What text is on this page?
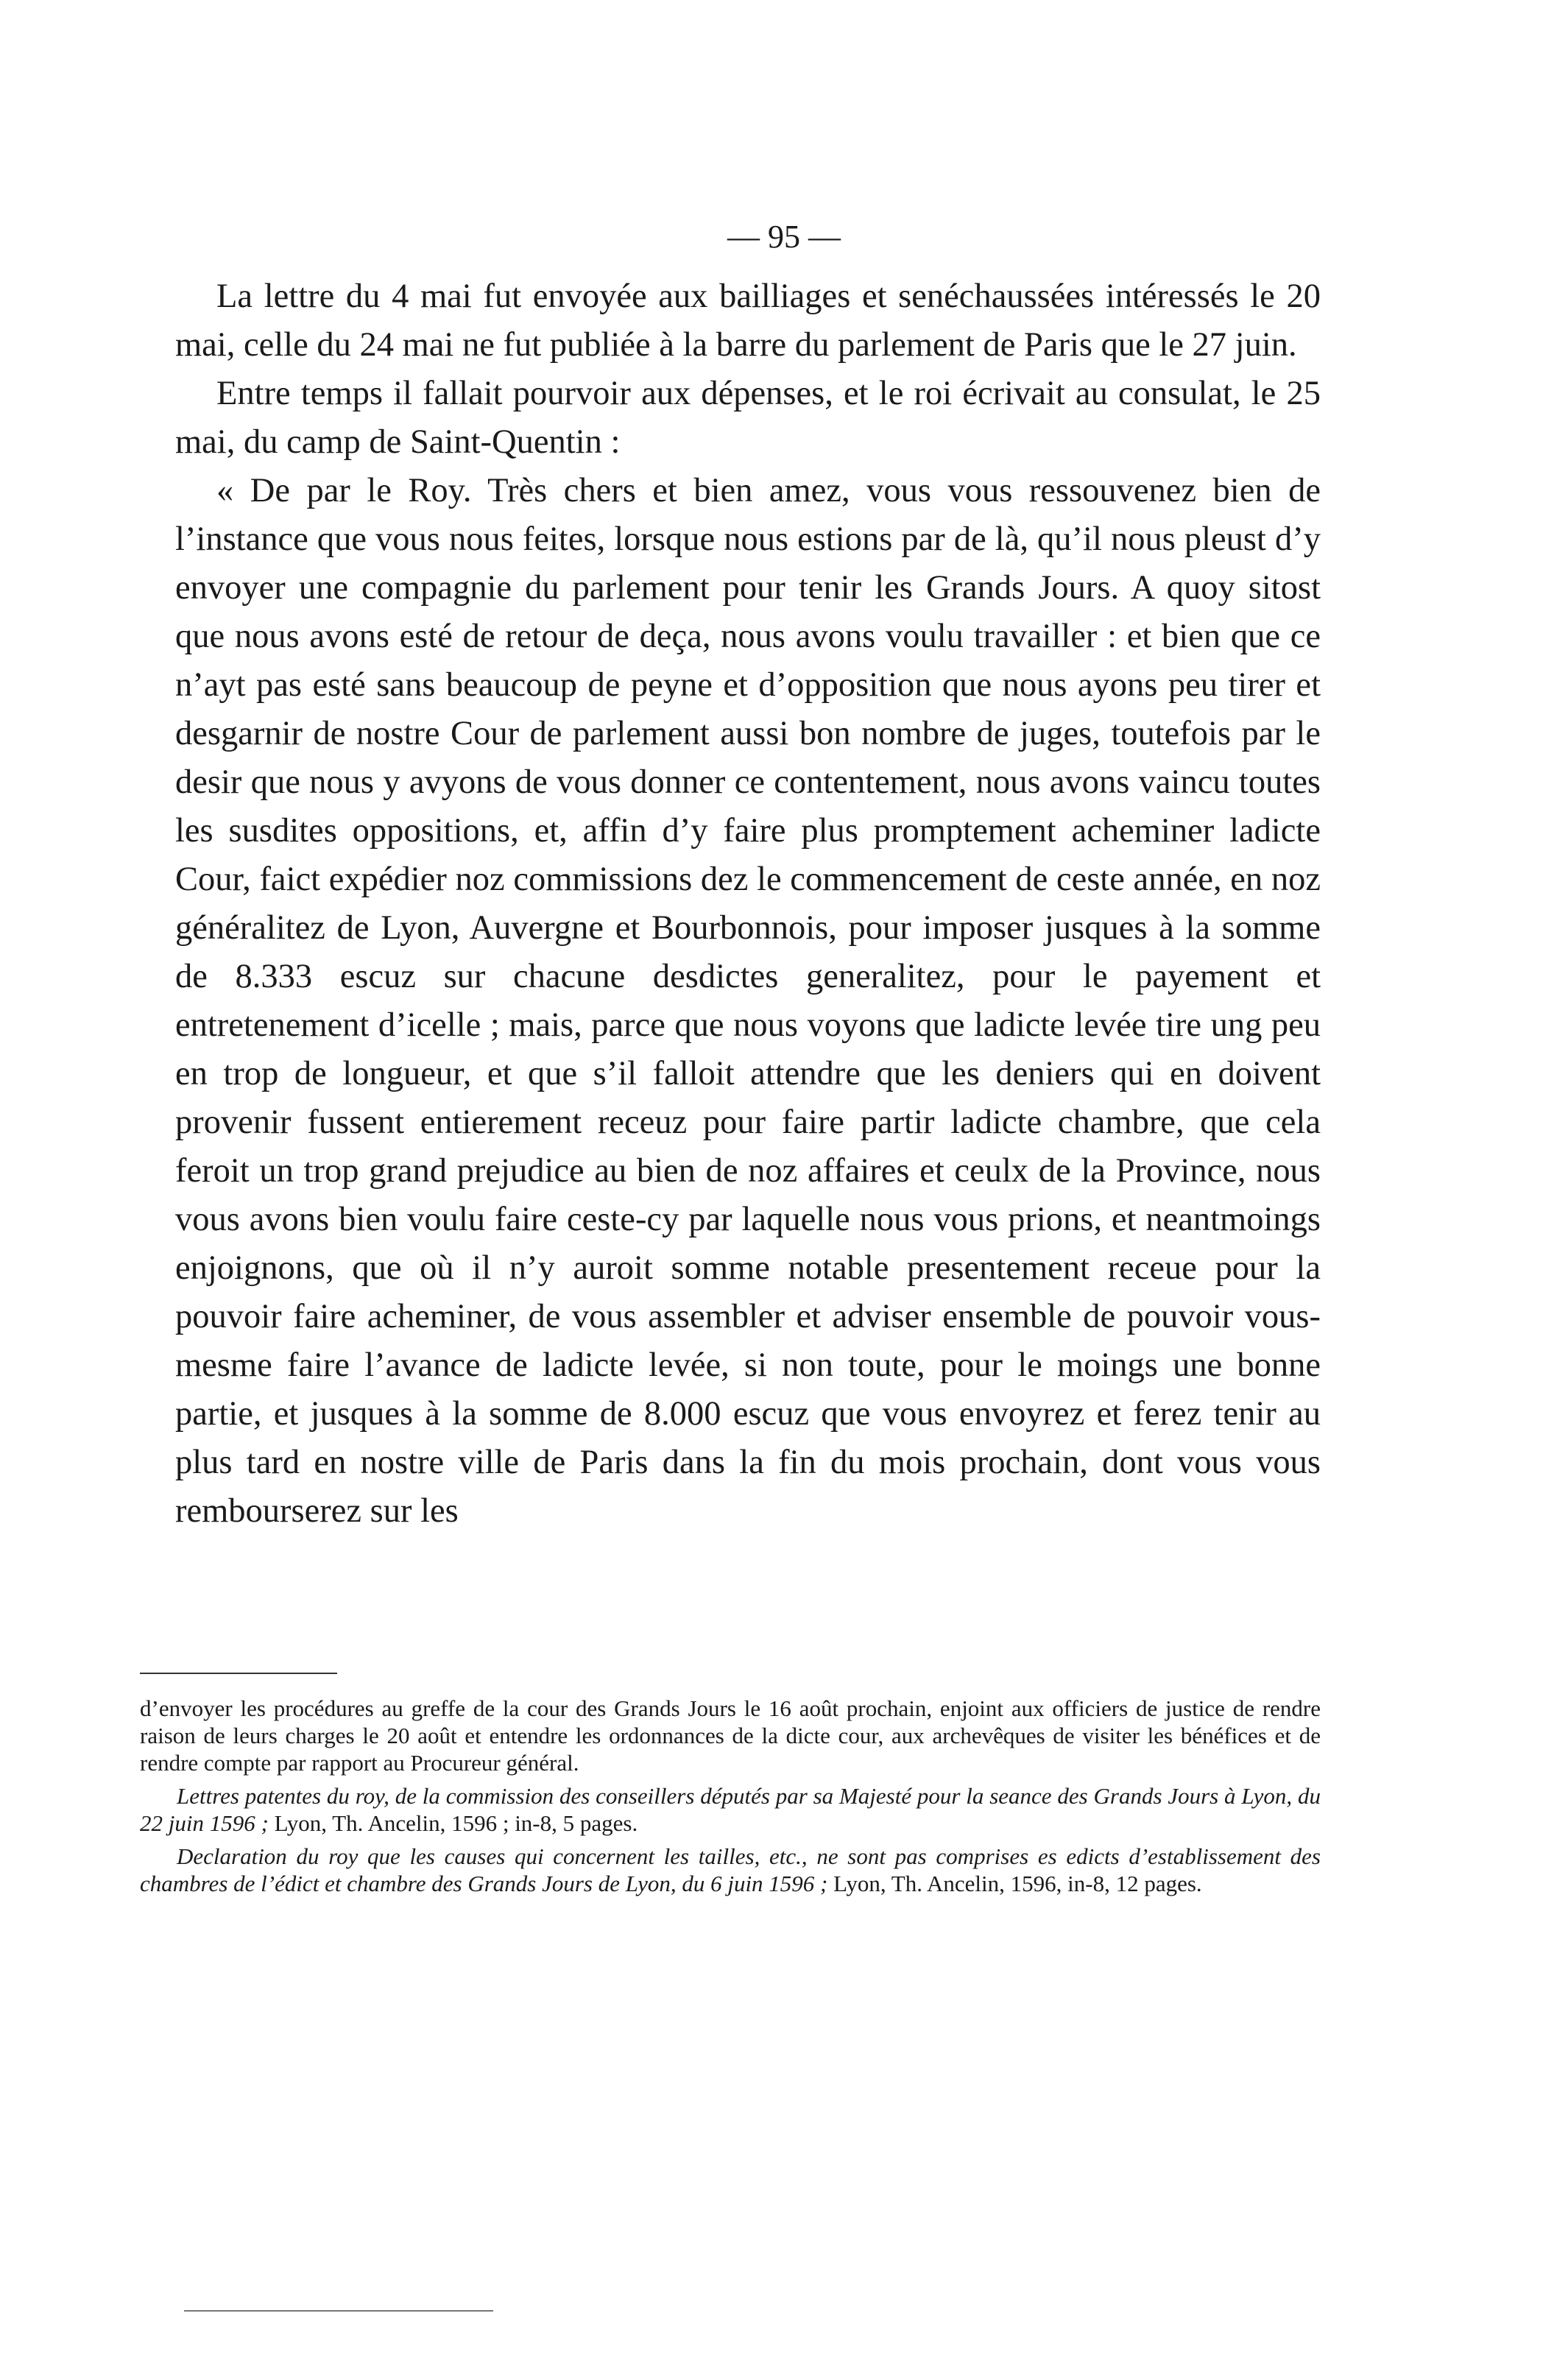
— 95 —

La lettre du 4 mai fut envoyée aux bailliages et senéchaussées intéressés le 20 mai, celle du 24 mai ne fut publiée à la barre du parlement de Paris que le 27 juin.

Entre temps il fallait pourvoir aux dépenses, et le roi écrivait au consulat, le 25 mai, du camp de Saint-Quentin :

« De par le Roy. Très chers et bien amez, vous vous ressouvenez bien de l’instance que vous nous feites, lorsque nous estions par de là, qu’il nous pleust d’y envoyer une compagnie du parlement pour tenir les Grands Jours. A quoy sitost que nous avons esté de retour de deça, nous avons voulu travailler : et bien que ce n’ayt pas esté sans beaucoup de peyne et d’opposition que nous ayons peu tirer et desgarnir de nostre Cour de parlement aussi bon nombre de juges, toutefois par le desir que nous y avyons de vous donner ce contentement, nous avons vaincu toutes les susdites oppositions, et, affin d’y faire plus promptement acheminer ladicte Cour, faict expédier noz commissions dez le commencement de ceste année, en noz généralitez de Lyon, Auvergne et Bourbonnois, pour imposer jusques à la somme de 8.333 escuz sur chacune desdictes generalitez, pour le payement et entretenement d’icelle ; mais, parce que nous voyons que ladicte levée tire ung peu en trop de longueur, et que s’il falloit attendre que les deniers qui en doivent provenir fussent entierement receuz pour faire partir ladicte chambre, que cela feroit un trop grand prejudice au bien de noz affaires et ceulx de la Province, nous vous avons bien voulu faire ceste-cy par laquelle nous vous prions, et neantmoings enjoignons, que où il n’y auroit somme notable presentement receue pour la pouvoir faire acheminer, de vous assembler et adviser ensemble de pouvoir vous-mesme faire l’avance de ladicte levée, si non toute, pour le moings une bonne partie, et jusques à la somme de 8.000 escuz que vous envoyrez et ferez tenir au plus tard en nostre ville de Paris dans la fin du mois prochain, dont vous vous rembourserez sur les

d’envoyer les procédures au greffe de la cour des Grands Jours le 16 août prochain, enjoint aux officiers de justice de rendre raison de leurs charges le 20 août et entendre les ordonnances de la dicte cour, aux archevêques de visiter les bénéfices et de rendre compte par rapport au Procureur général.

Lettres patentes du roy, de la commission des conseillers députés par sa Majesté pour la seance des Grands Jours à Lyon, du 22 juin 1596 ; Lyon, Th. Ancelin, 1596 ; in-8, 5 pages.

Declaration du roy que les causes qui concernent les tailles, etc., ne sont pas comprises es edicts d’establissement des chambres de l’édict et chambre des Grands Jours de Lyon, du 6 juin 1596 ; Lyon, Th. Ancelin, 1596, in-8, 12 pages.
